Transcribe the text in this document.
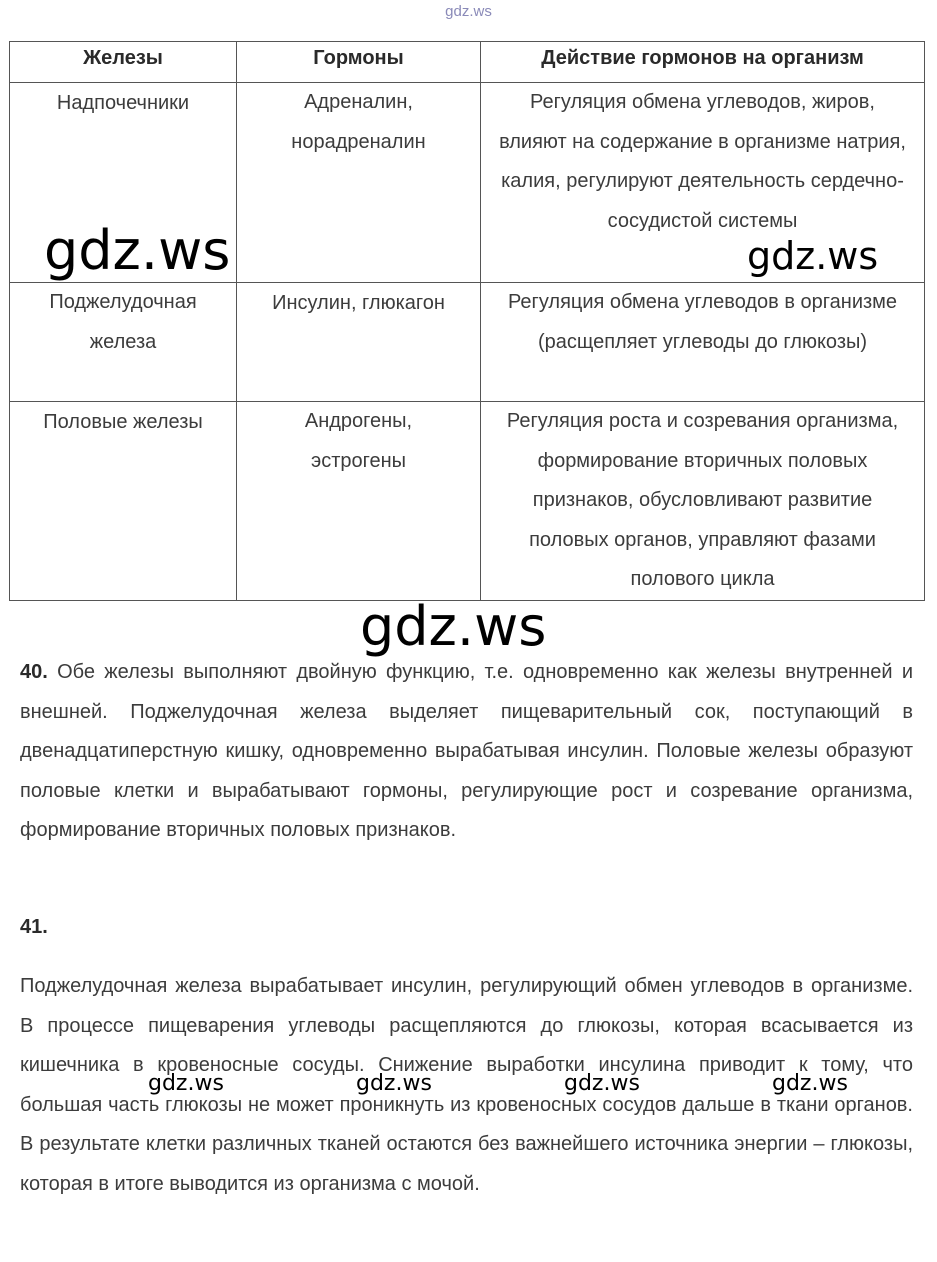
gdz.ws
Железы	Гормоны	Действие гормонов на организм
Надпочечники	Адреналин, норадреналин	Регуляция обмена углеводов, жиров, влияют на содержание в организме натрия, калия, регулируют деятельность сердечно-сосудистой системы
Поджелудочная железа	Инсулин, глюкагон	Регуляция обмена углеводов в организме (расщепляет углеводы до глюкозы)
Половые железы	Андрогены, эстрогены	Регуляция роста и созревания организма, формирование вторичных половых признаков, обусловливают развитие половых органов, управляют фазами полового цикла
gdz.ws	gdz.ws
gdz.ws

40. Обе железы выполняют двойную функцию, т.е. одновременно как железы внутренней и внешней. Поджелудочная железа выделяет пищеварительный сок, поступающий в двенадцатиперстную кишку, одновременно вырабатывая инсулин. Половые железы образуют половые клетки и вырабатывают гормоны, регулирующие рост и созревание организма, формирование вторичных половых признаков.

41.

Поджелудочная железа вырабатывает инсулин, регулирующий обмен углеводов в организме. В процессе пищеварения углеводы расщепляются до глюкозы, которая всасывается из кишечника в кровеносные сосуды. Снижение выработки инсулина приводит к тому, что большая часть глюкозы не может проникнуть из кровеносных сосудов дальше в ткани органов. В результате клетки различных тканей остаются без важнейшего источника энергии – глюкозы, которая в итоге выводится из организма с мочой.

gdz.ws	gdz.ws	gdz.ws	gdz.ws
